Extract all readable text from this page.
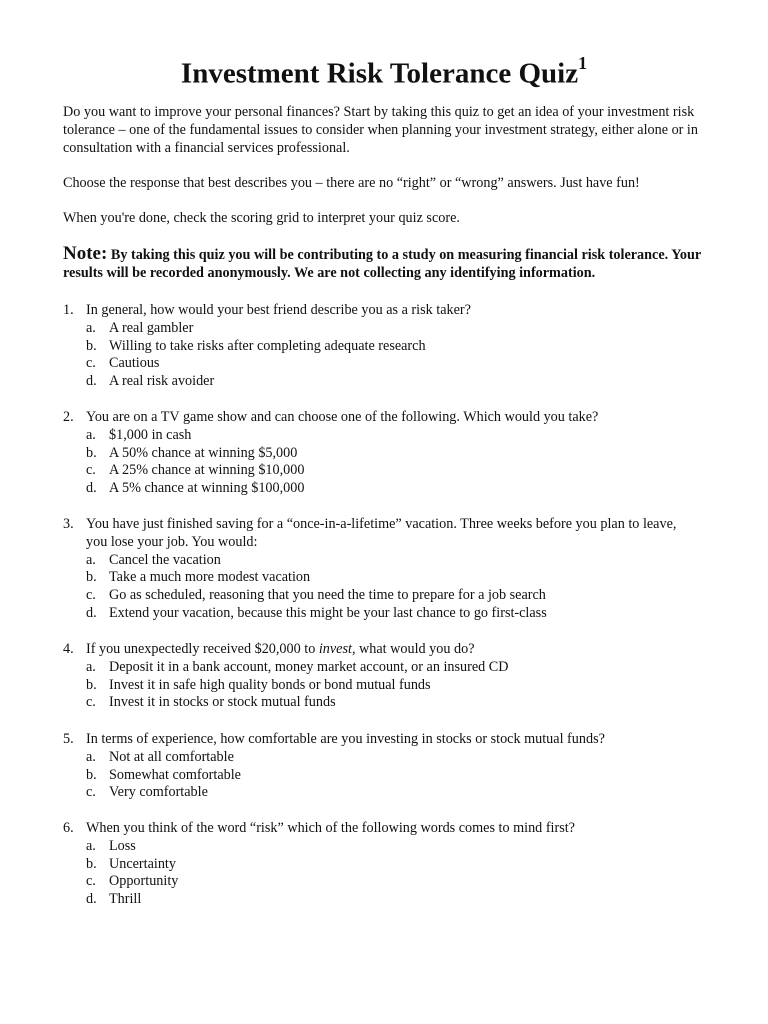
Investment Risk Tolerance Quiz$^1$

Do you want to improve your personal finances? Start by taking this quiz to get an idea of your investment risk tolerance – one of the fundamental issues to consider when planning your investment strategy, either alone or in consultation with a financial services professional.

Choose the response that best describes you – there are no “right” or “wrong” answers. Just have fun!

When you're done, check the scoring grid to interpret your quiz score.

Note: By taking this quiz you will be contributing to a study on measuring financial risk tolerance. Your results will be recorded anonymously. We are not collecting any identifying information.

1. In general, how would your best friend describe you as a risk taker?
a. A real gambler
b. Willing to take risks after completing adequate research
c. Cautious
d. A real risk avoider
2. You are on a TV game show and can choose one of the following. Which would you take?
a. $1,000 in cash
b. A 50% chance at winning $5,000
c. A 25% chance at winning $10,000
d. A 5% chance at winning $100,000
3. You have just finished saving for a “once-in-a-lifetime” vacation. Three weeks before you plan to leave, you lose your job. You would:
a. Cancel the vacation
b. Take a much more modest vacation
c. Go as scheduled, reasoning that you need the time to prepare for a job search
d. Extend your vacation, because this might be your last chance to go first-class
4. If you unexpectedly received $20,000 to invest, what would you do?
a. Deposit it in a bank account, money market account, or an insured CD
b. Invest it in safe high quality bonds or bond mutual funds
c. Invest it in stocks or stock mutual funds
5. In terms of experience, how comfortable are you investing in stocks or stock mutual funds?
a. Not at all comfortable
b. Somewhat comfortable
c. Very comfortable
6. When you think of the word “risk” which of the following words comes to mind first?
a. Loss
b. Uncertainty
c. Opportunity
d. Thrill
